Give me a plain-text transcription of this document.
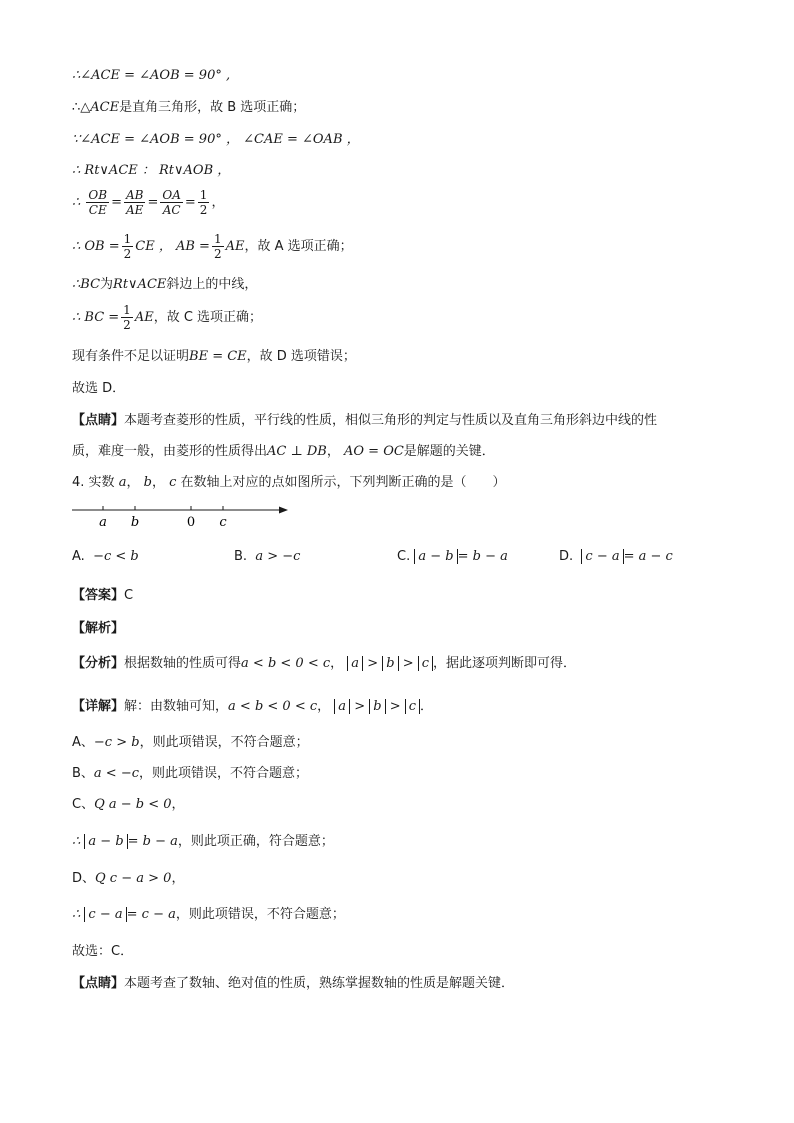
∴∠ACE = ∠AOB = 90° ,
∴△ACE是直角三角形，故 B 选项正确；
∵∠ACE = ∠AOB = 90° ， ∠CAE = ∠OAB ，
∴ Rt∨ACE ： Rt∨AOB ，
∴ $\frac{OB}{CE} = \frac{AB}{AE} = \frac{OA}{AC} = \frac{1}{2}$ ，
∴ OB = $\frac{1}{2}$ CE ， AB = $\frac{1}{2}$ AE，故 A 选项正确；
∴BC为Rt∨ACE斜边上的中线，
∴ BC = $\frac{1}{2}$ AE，故 C 选项正确；
现有条件不足以证明BE = CE，故 D 选项错误；
故选 D．
【点睛】本题考查菱形的性质，平行线的性质，相似三角形的判定与性质以及直角三角形斜边中线的性
质，难度一般，由菱形的性质得出AC ⊥ DB， AO = OC是解题的关键．
4. 实数 a， b， c 在数轴上对应的点如图所示，下列判断正确的是（　　）
a b	0 c
A. −c < b	B. a > −c	C. a − b = b − a	D. c − a = a − c
【答案】C
【解析】
【分析】根据数轴的性质可得a < b < 0 < c， a > b > c ，据此逐项判断即可得．
【详解】解：由数轴可知，a < b < 0 < c， a > b > c ．
A、−c > b，则此项错误，不符合题意；
B、a < −c，则此项错误，不符合题意；
C、Q a − b < 0，
∴ a − b = b − a，则此项正确，符合题意；
D、Q c − a > 0，
∴ c − a = c − a，则此项错误，不符合题意；
故选：C．
【点睛】本题考查了数轴、绝对值的性质，熟练掌握数轴的性质是解题关键．
